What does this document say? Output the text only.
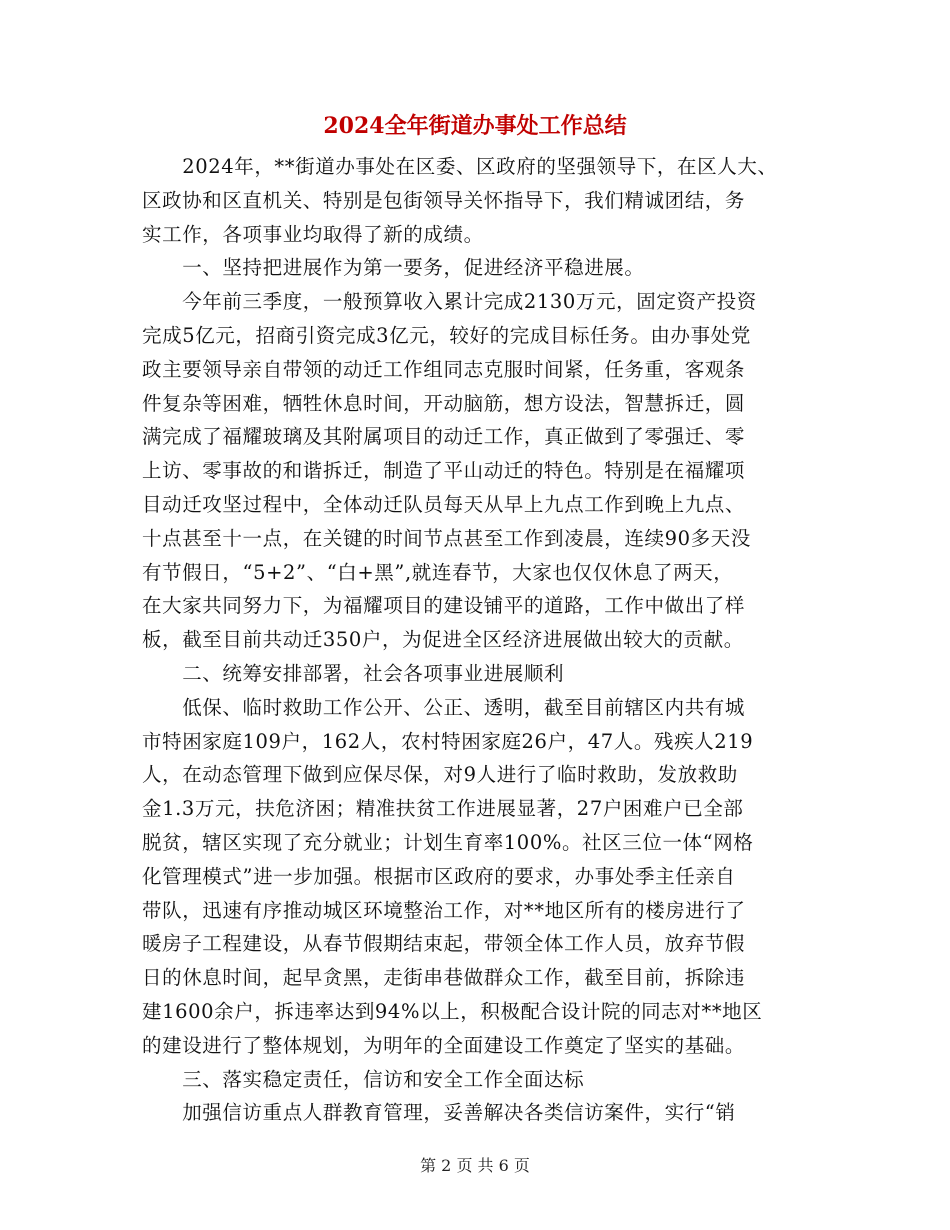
2024全年街道办事处工作总结
　　2024年，**街道办事处在区委、区政府的坚强领导下，在区人大、
区政协和区直机关、特别是包街领导关怀指导下，我们精诚团结，务
实工作，各项事业均取得了新的成绩。
　　一、坚持把进展作为第一要务，促进经济平稳进展。
　　今年前三季度，一般预算收入累计完成2130万元，固定资产投资
完成5亿元，招商引资完成3亿元，较好的完成目标任务。由办事处党
政主要领导亲自带领的动迁工作组同志克服时间紧，任务重，客观条
件复杂等困难，牺牲休息时间，开动脑筋，想方设法，智慧拆迁，圆
满完成了福耀玻璃及其附属项目的动迁工作，真正做到了零强迁、零
上访、零事故的和谐拆迁，制造了平山动迁的特色。特别是在福耀项
目动迁攻坚过程中，全体动迁队员每天从早上九点工作到晚上九点、
十点甚至十一点，在关键的时间节点甚至工作到凌晨，连续90多天没
有节假日，“5+2”、“白+黑”,就连春节，大家也仅仅休息了两天，
在大家共同努力下，为福耀项目的建设铺平的道路，工作中做出了样
板，截至目前共动迁350户，为促进全区经济进展做出较大的贡献。
　　二、统筹安排部署，社会各项事业进展顺利
　　低保、临时救助工作公开、公正、透明，截至目前辖区内共有城
市特困家庭109户，162人，农村特困家庭26户，47人。残疾人219
人，在动态管理下做到应保尽保，对9人进行了临时救助，发放救助
金1.3万元，扶危济困；精准扶贫工作进展显著，27户困难户已全部
脱贫，辖区实现了充分就业；计划生育率100%。社区三位一体“网格
化管理模式”进一步加强。根据市区政府的要求，办事处季主任亲自
带队，迅速有序推动城区环境整治工作，对**地区所有的楼房进行了
暖房子工程建设，从春节假期结束起，带领全体工作人员，放弃节假
日的休息时间，起早贪黑，走街串巷做群众工作，截至目前，拆除违
建1600余户，拆违率达到94%以上，积极配合设计院的同志对**地区
的建设进行了整体规划，为明年的全面建设工作奠定了坚实的基础。
　　三、落实稳定责任，信访和安全工作全面达标
　　加强信访重点人群教育管理，妥善解决各类信访案件，实行“销
第 2 页 共 6 页
